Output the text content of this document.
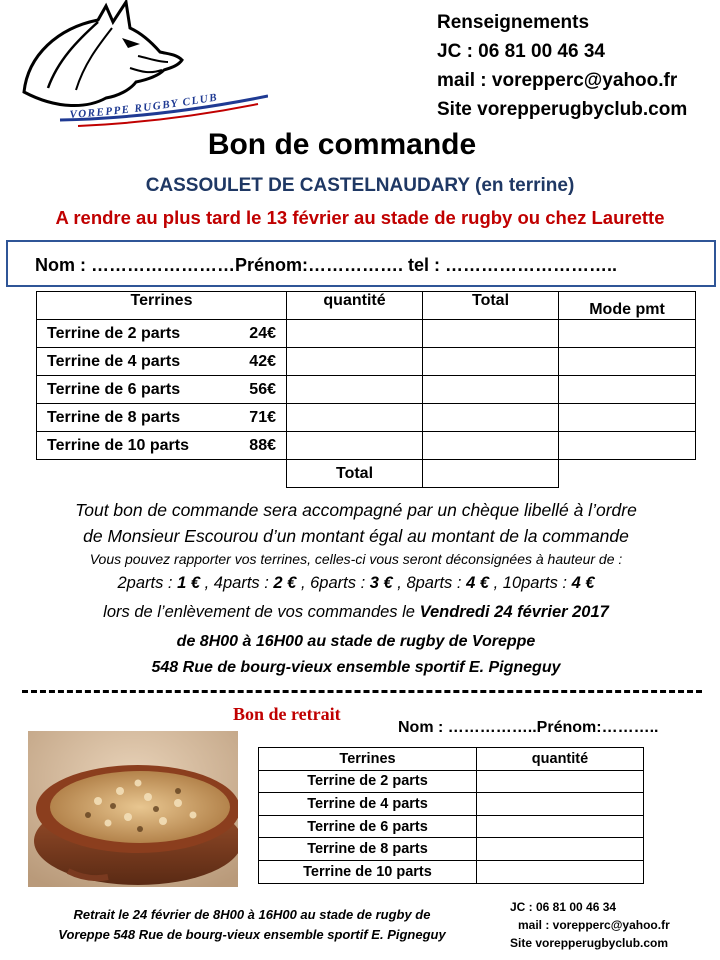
VOREPPE RUGBY CLUB
Renseignements
JC : 06 81 00 46 34
mail : vorepperc@yahoo.fr
Site vorepperugbyclub.com
Bon de commande
CASSOULET DE CASTELNAUDARY (en terrine)
A rendre au plus tard le 13 février au stade de rugby ou chez Laurette
Nom : ……………………Prénom:……………. tel : ………………………..
Terrines	quantité	Total	Mode pmt

Terrine de 2 parts 24€			

Terrine de 4 parts 42€			

Terrine de 6 parts 56€			

Terrine de 8 parts 71€			

Terrine de 10 parts 88€			

	Total		
Tout bon de commande sera accompagné par un chèque libellé à l’ordre
de Monsieur Escourou d’un montant égal au montant de la commande
Vous pouvez rapporter vos terrines, celles-ci vous seront déconsignées à hauteur de :
2parts : 1 € , 4parts : 2 € , 6parts : 3 € , 8parts : 4 € , 10parts : 4 €
lors de l’enlèvement de vos commandes le Vendredi 24 février 2017
de 8H00 à 16H00 au stade de rugby de Voreppe
548 Rue de bourg-vieux ensemble sportif E. Pigneguy
Bon de retrait
Nom : ……………..Prénom:………..
Terrines	quantité
Terrine de 2 parts	
Terrine de 4 parts	
Terrine de 6 parts	
Terrine de 8 parts	
Terrine de 10 parts	
Retrait le 24 février de 8H00 à 16H00 au stade de rugby de
Voreppe 548 Rue de bourg-vieux ensemble sportif E. Pigneguy
JC : 06 81 00 46 34
mail : vorepperc@yahoo.fr
Site vorepperugbyclub.com
